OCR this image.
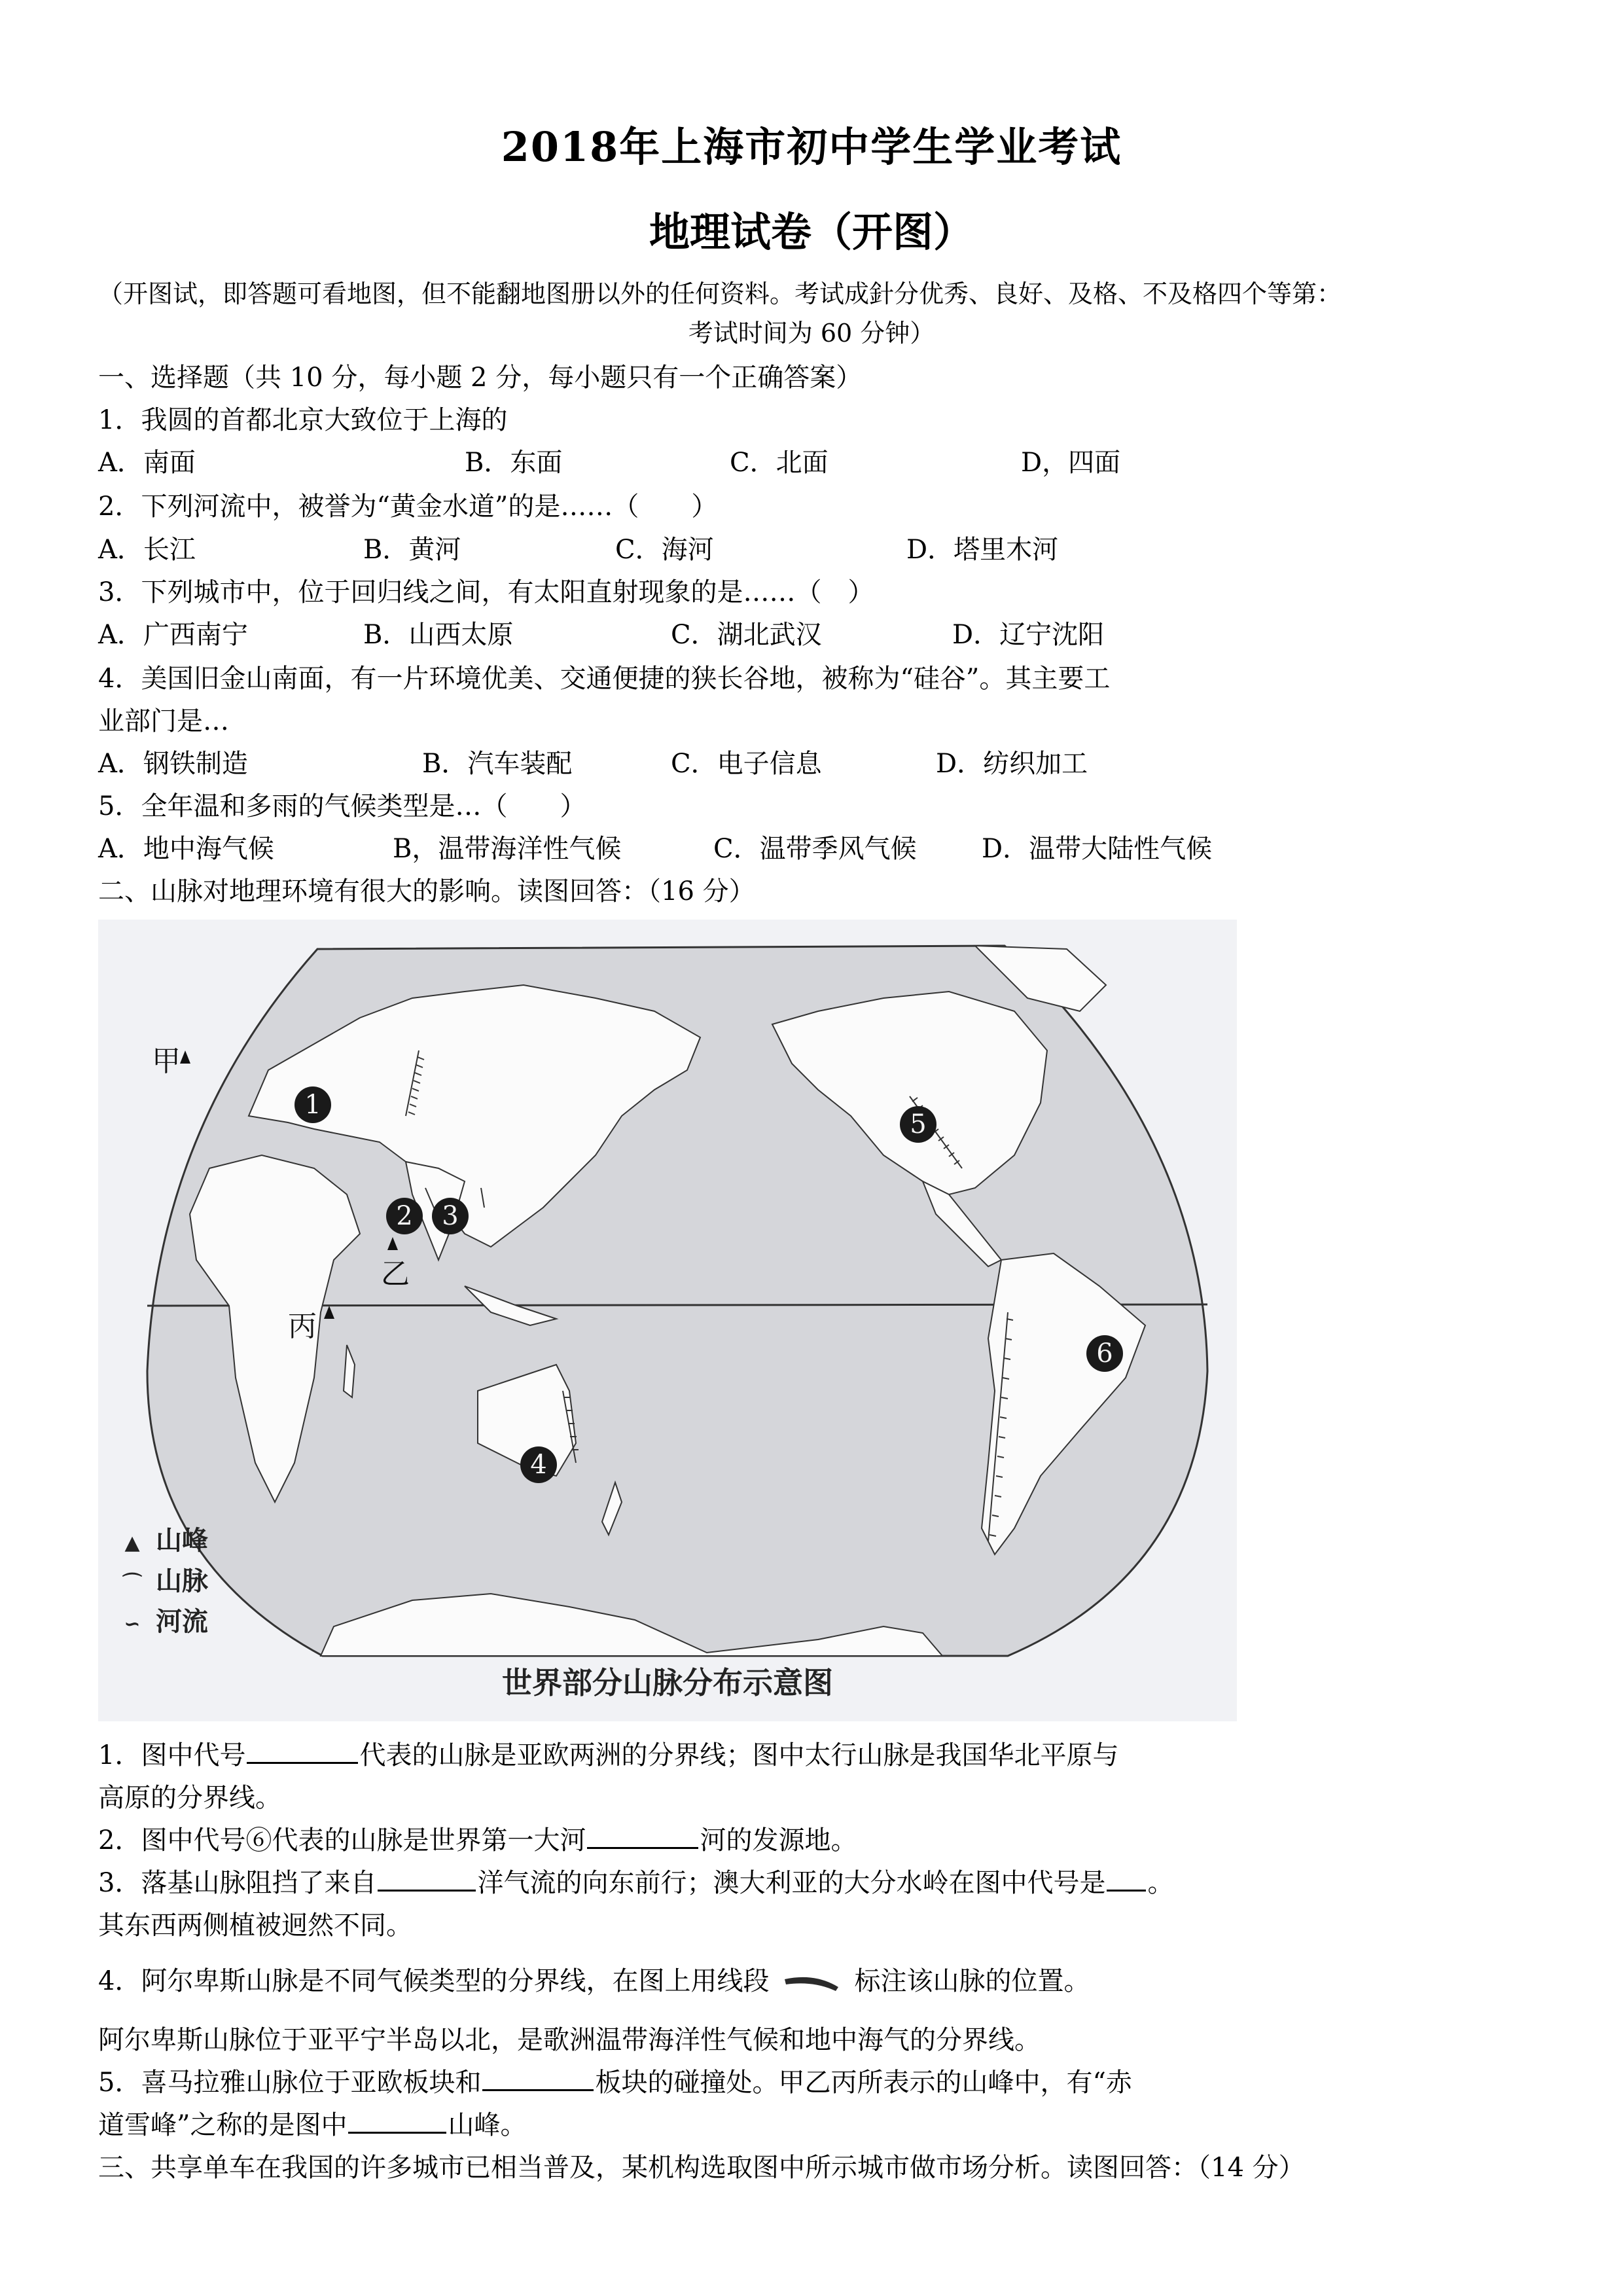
2018年上海市初中学生学业考试
地理试卷（开图）
（开图试，即答题可看地图，但不能翻地图册以外的任何资料。考试成針分优秀、良好、及格、不及格四个等第：
考试时间为 60 分钟）
一、选择题（共 10 分，每小题 2 分，每小题只有一个正确答案）
1．我圆的首都北京大致位于上海的
A．南面	B．东面	C．北面	D，四面
2．下列河流中，被誉为“黄金水道”的是……（　　）
A．长江	B．黄河	C．海河	D．塔里木河
3．下列城市中，位于回归线之间，有太阳直射现象的是……（　）
A．广西南宁	B．山西太原	C．湖北武汉	D．辽宁沈阳
4．美国旧金山南面，有一片环境优美、交通便捷的狭长谷地，被称为“硅谷”。其主要工
业部门是…
A．钢铁制造	B．汽车装配	C．电子信息	D．纺织加工
5．全年温和多雨的气候类型是…（　　）
A．地中海气候	B，温带海洋性气候	C．温带季风气候 D．温带大陆性气候
二、山脉对地理环境有很大的影响。读图回答：（16 分）
1
2	3
4
5
6
甲
乙
丙
▲ 山峰
⌒ 山脉
∽ 河流
世界部分山脉分布示意图
1．图中代号	代表的山脉是亚欧两洲的分界线；图中太行山脉是我国华北平原与
高原的分界线。
2．图中代号⑥代表的山脉是世界第一大河	河的发源地。
3．落基山脉阻挡了来自	洋气流的向东前行；澳大利亚的大分水岭在图中代号是 。
其东西两侧植被迥然不同。
4．阿尔卑斯山脉是不同气候类型的分界线，在图上用线段	标注该山脉的位置。
阿尔卑斯山脉位于亚平宁半岛以北，是歌洲温带海洋性气候和地中海气的分界线。
5．喜马拉雅山脉位于亚欧板块和	板块的碰撞处。甲乙丙所表示的山峰中，有“赤
道雪峰”之称的是图中	山峰。
三、共享单车在我国的许多城市已相当普及，某机构选取图中所示城市做市场分析。读图回答：（14 分）
